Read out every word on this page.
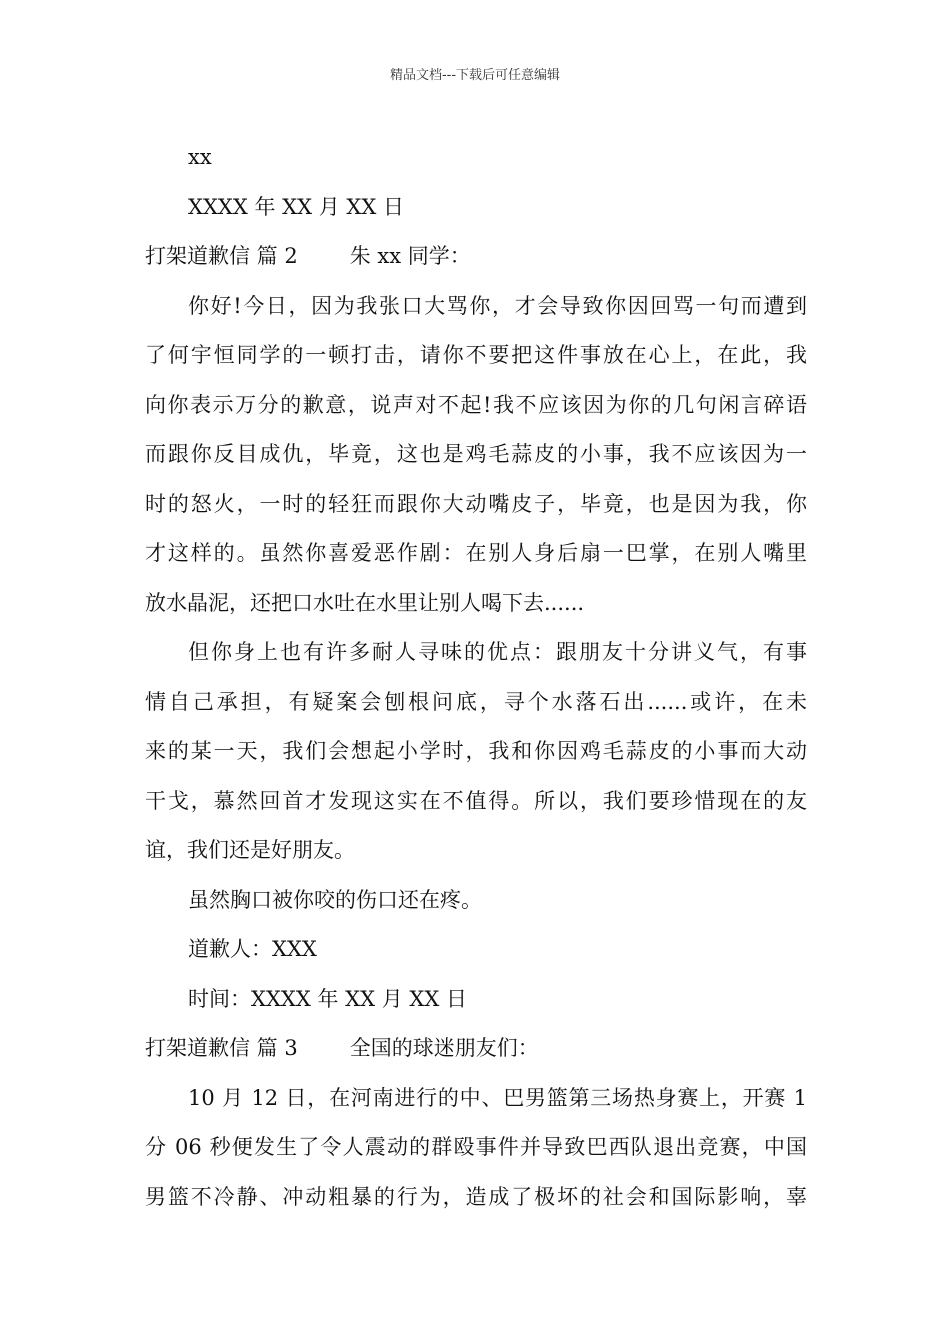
精品文档---下载后可任意编辑
xx
XXXX 年 XX 月 XX 日
打架道歉信 篇 2 朱 xx 同学：
你好!今日，因为我张口大骂你，才会导致你因回骂一句而遭到
了何宇恒同学的一顿打击，请你不要把这件事放在心上，在此，我
向你表示万分的歉意，说声对不起!我不应该因为你的几句闲言碎语
而跟你反目成仇，毕竟，这也是鸡毛蒜皮的小事，我不应该因为一
时的怒火，一时的轻狂而跟你大动嘴皮子，毕竟，也是因为我，你
才这样的。虽然你喜爱恶作剧：在别人身后扇一巴掌，在别人嘴里
放水晶泥，还把口水吐在水里让别人喝下去......
但你身上也有许多耐人寻味的优点：跟朋友十分讲义气，有事
情自己承担，有疑案会刨根问底，寻个水落石出......或许，在未
来的某一天，我们会想起小学时，我和你因鸡毛蒜皮的小事而大动
干戈，慕然回首才发现这实在不值得。所以，我们要珍惜现在的友
谊，我们还是好朋友。
虽然胸口被你咬的伤口还在疼。
道歉人：XXX
时间：XXXX 年 XX 月 XX 日
打架道歉信 篇 3 全国的球迷朋友们：
10 月 12 日，在河南进行的中、巴男篮第三场热身赛上，开赛 1
分 06 秒便发生了令人震动的群殴事件并导致巴西队退出竞赛，中国
男篮不冷静、冲动粗暴的行为，造成了极坏的社会和国际影响，辜
